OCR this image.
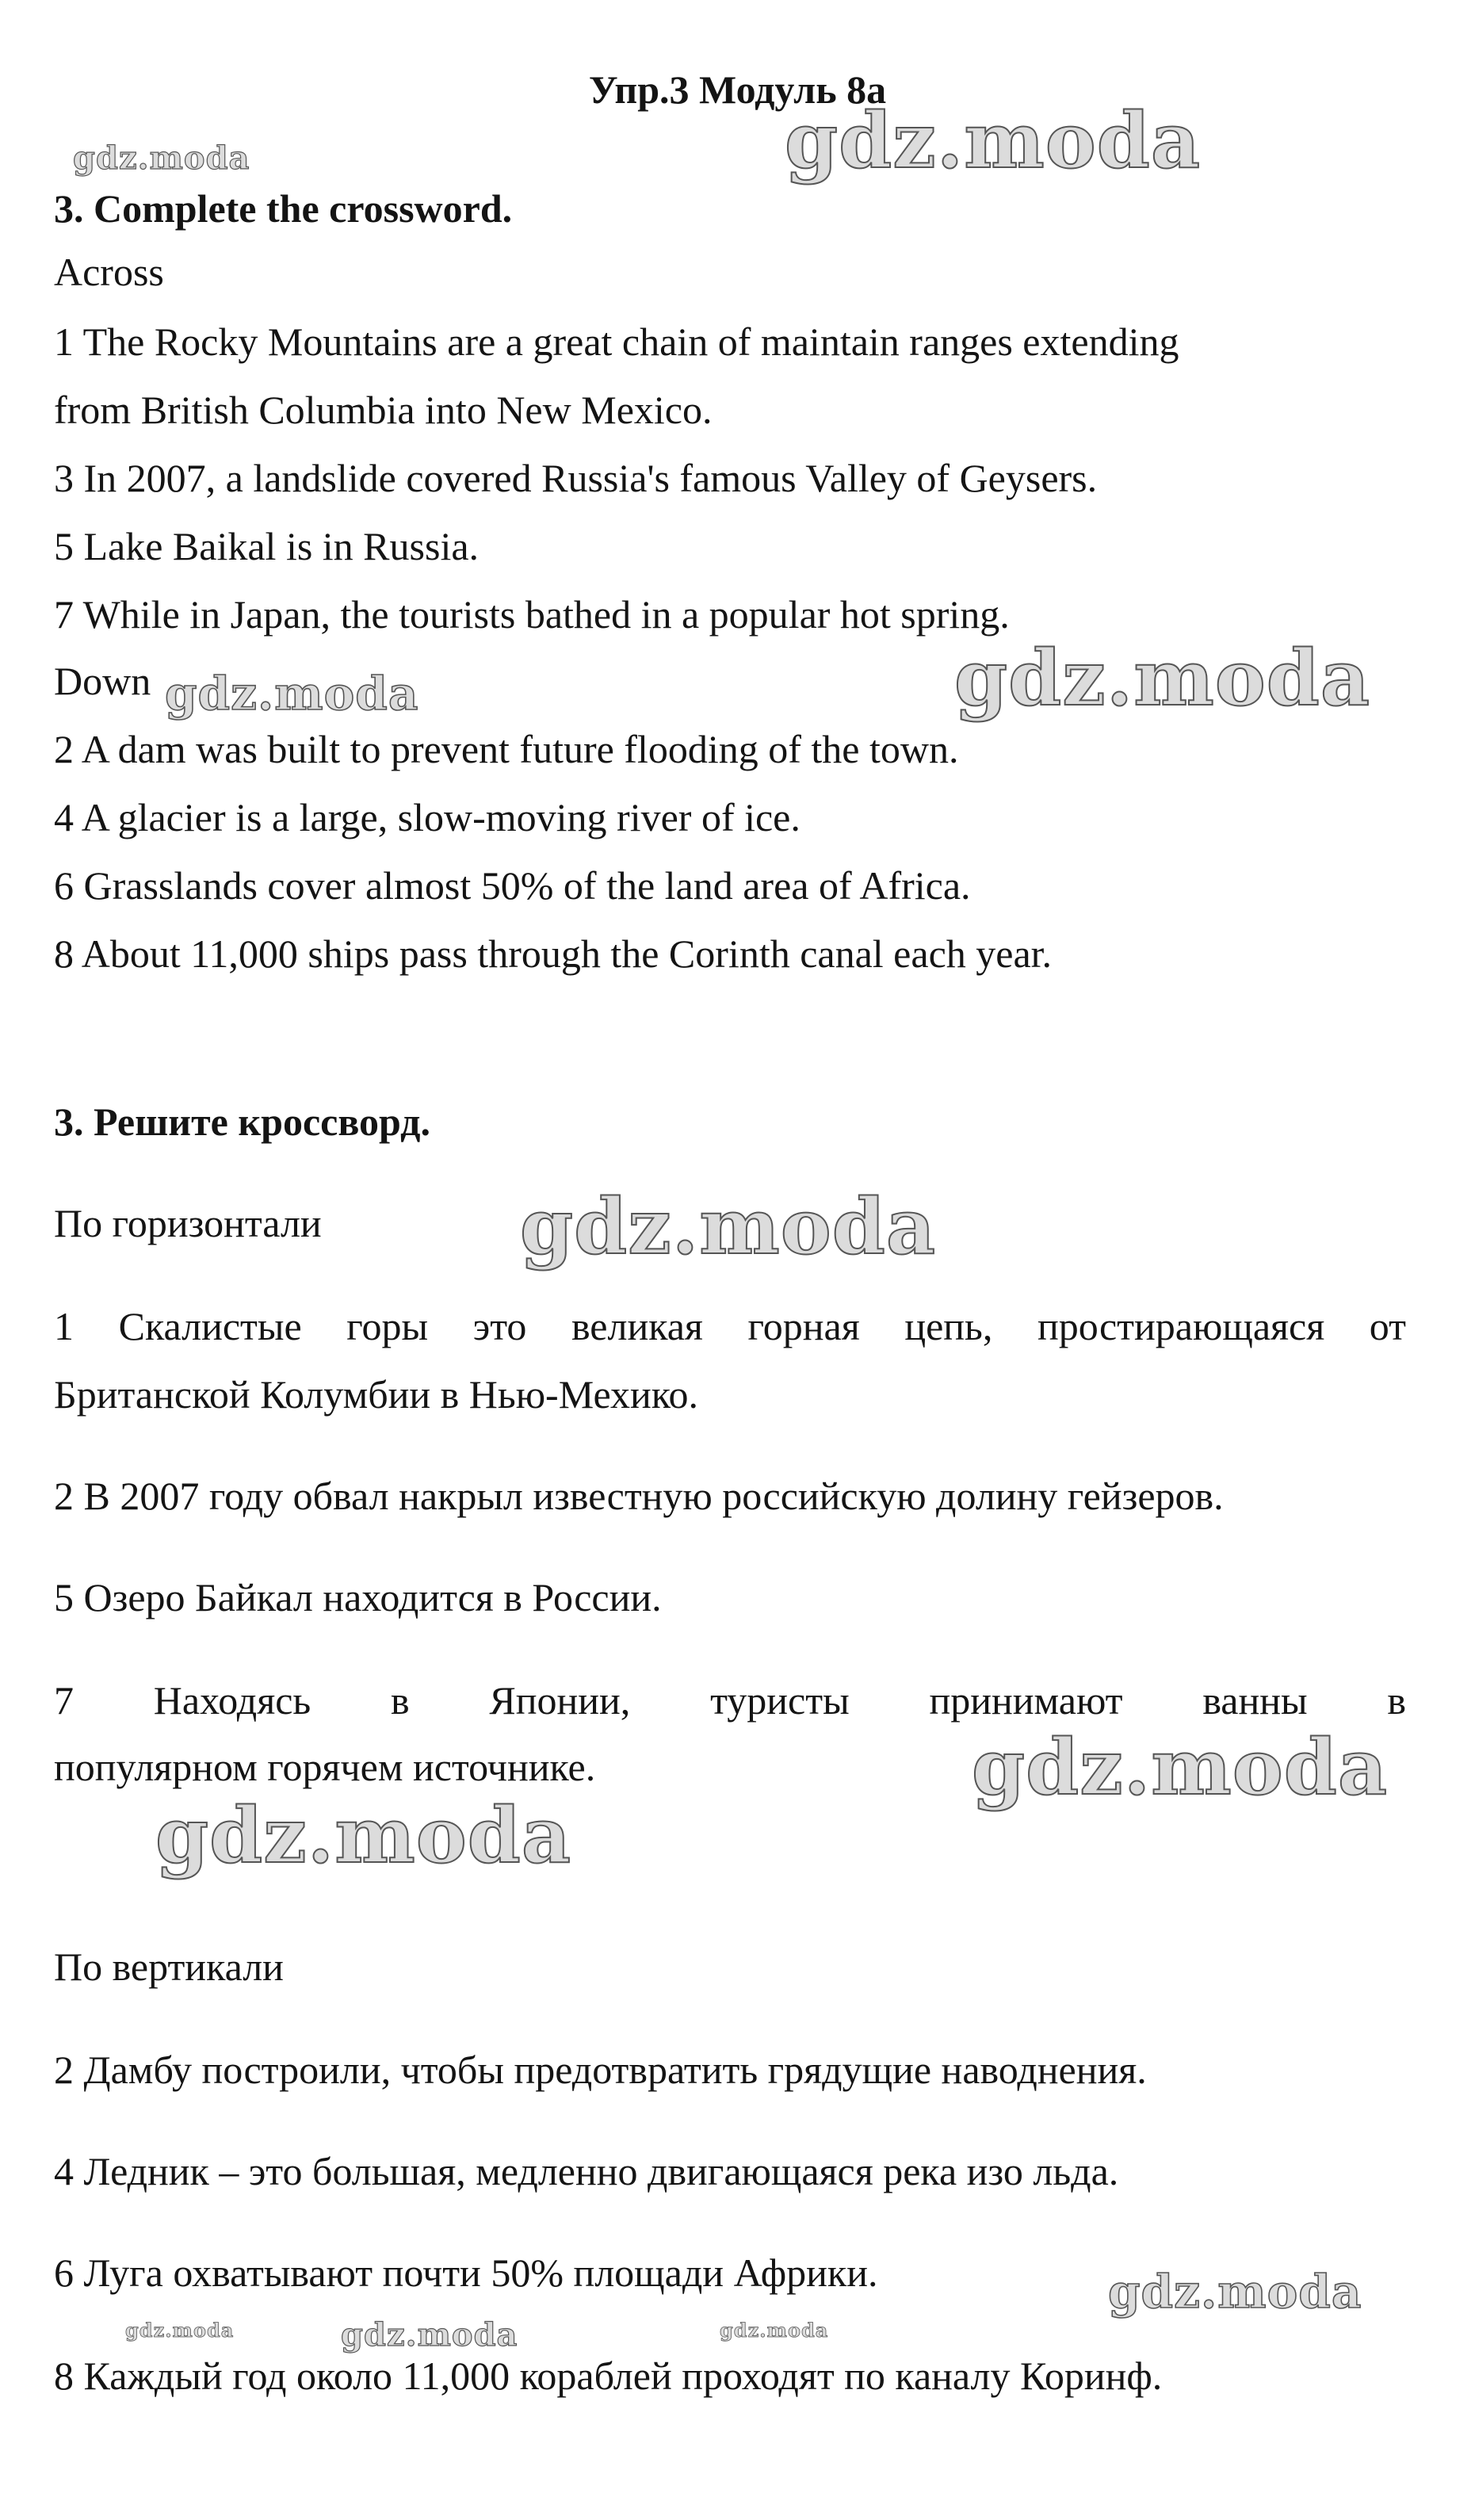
Упр.3 Модуль 8а
3. Complete the crossword.
Across
1 The Rocky Mountains are a great chain of maintain ranges extending
from British Columbia into New Mexico.
3 In 2007, a landslide covered Russia's famous Valley of Geysers.
5 Lake Baikal is in Russia.
7 While in Japan, the tourists bathed in a popular hot spring.
Down
2 A dam was built to prevent future flooding of the town.
4 A glacier is a large, slow-moving river of ice.
6 Grasslands cover almost 50% of the land area of Africa.
8 About 11,000 ships pass through the Corinth canal each year.
3. Решите кроссворд.
По горизонтали
1 Скалистые горы это великая горная цепь, простирающаяся от
Британской Колумбии в Нью-Мехико.
2 В 2007 году обвал накрыл известную российскую долину гейзеров.
5 Озеро Байкал находится в России.
7 Находясь в Японии, туристы принимают ванны в
популярном горячем источнике.
По вертикали
2 Дамбу построили, чтобы предотвратить грядущие наводнения.
4 Ледник – это большая, медленно двигающаяся река изо льда.
6 Луга охватывают почти 50% площади Африки.
8 Каждый год около 11,000 кораблей проходят по каналу Коринф.
gdz.moda	gdz.moda
gdz.moda	gdz.moda
gdz.moda
gdz.moda
gdz.moda
gdz.moda
gdz.moda	gdz.moda	gdz.moda
